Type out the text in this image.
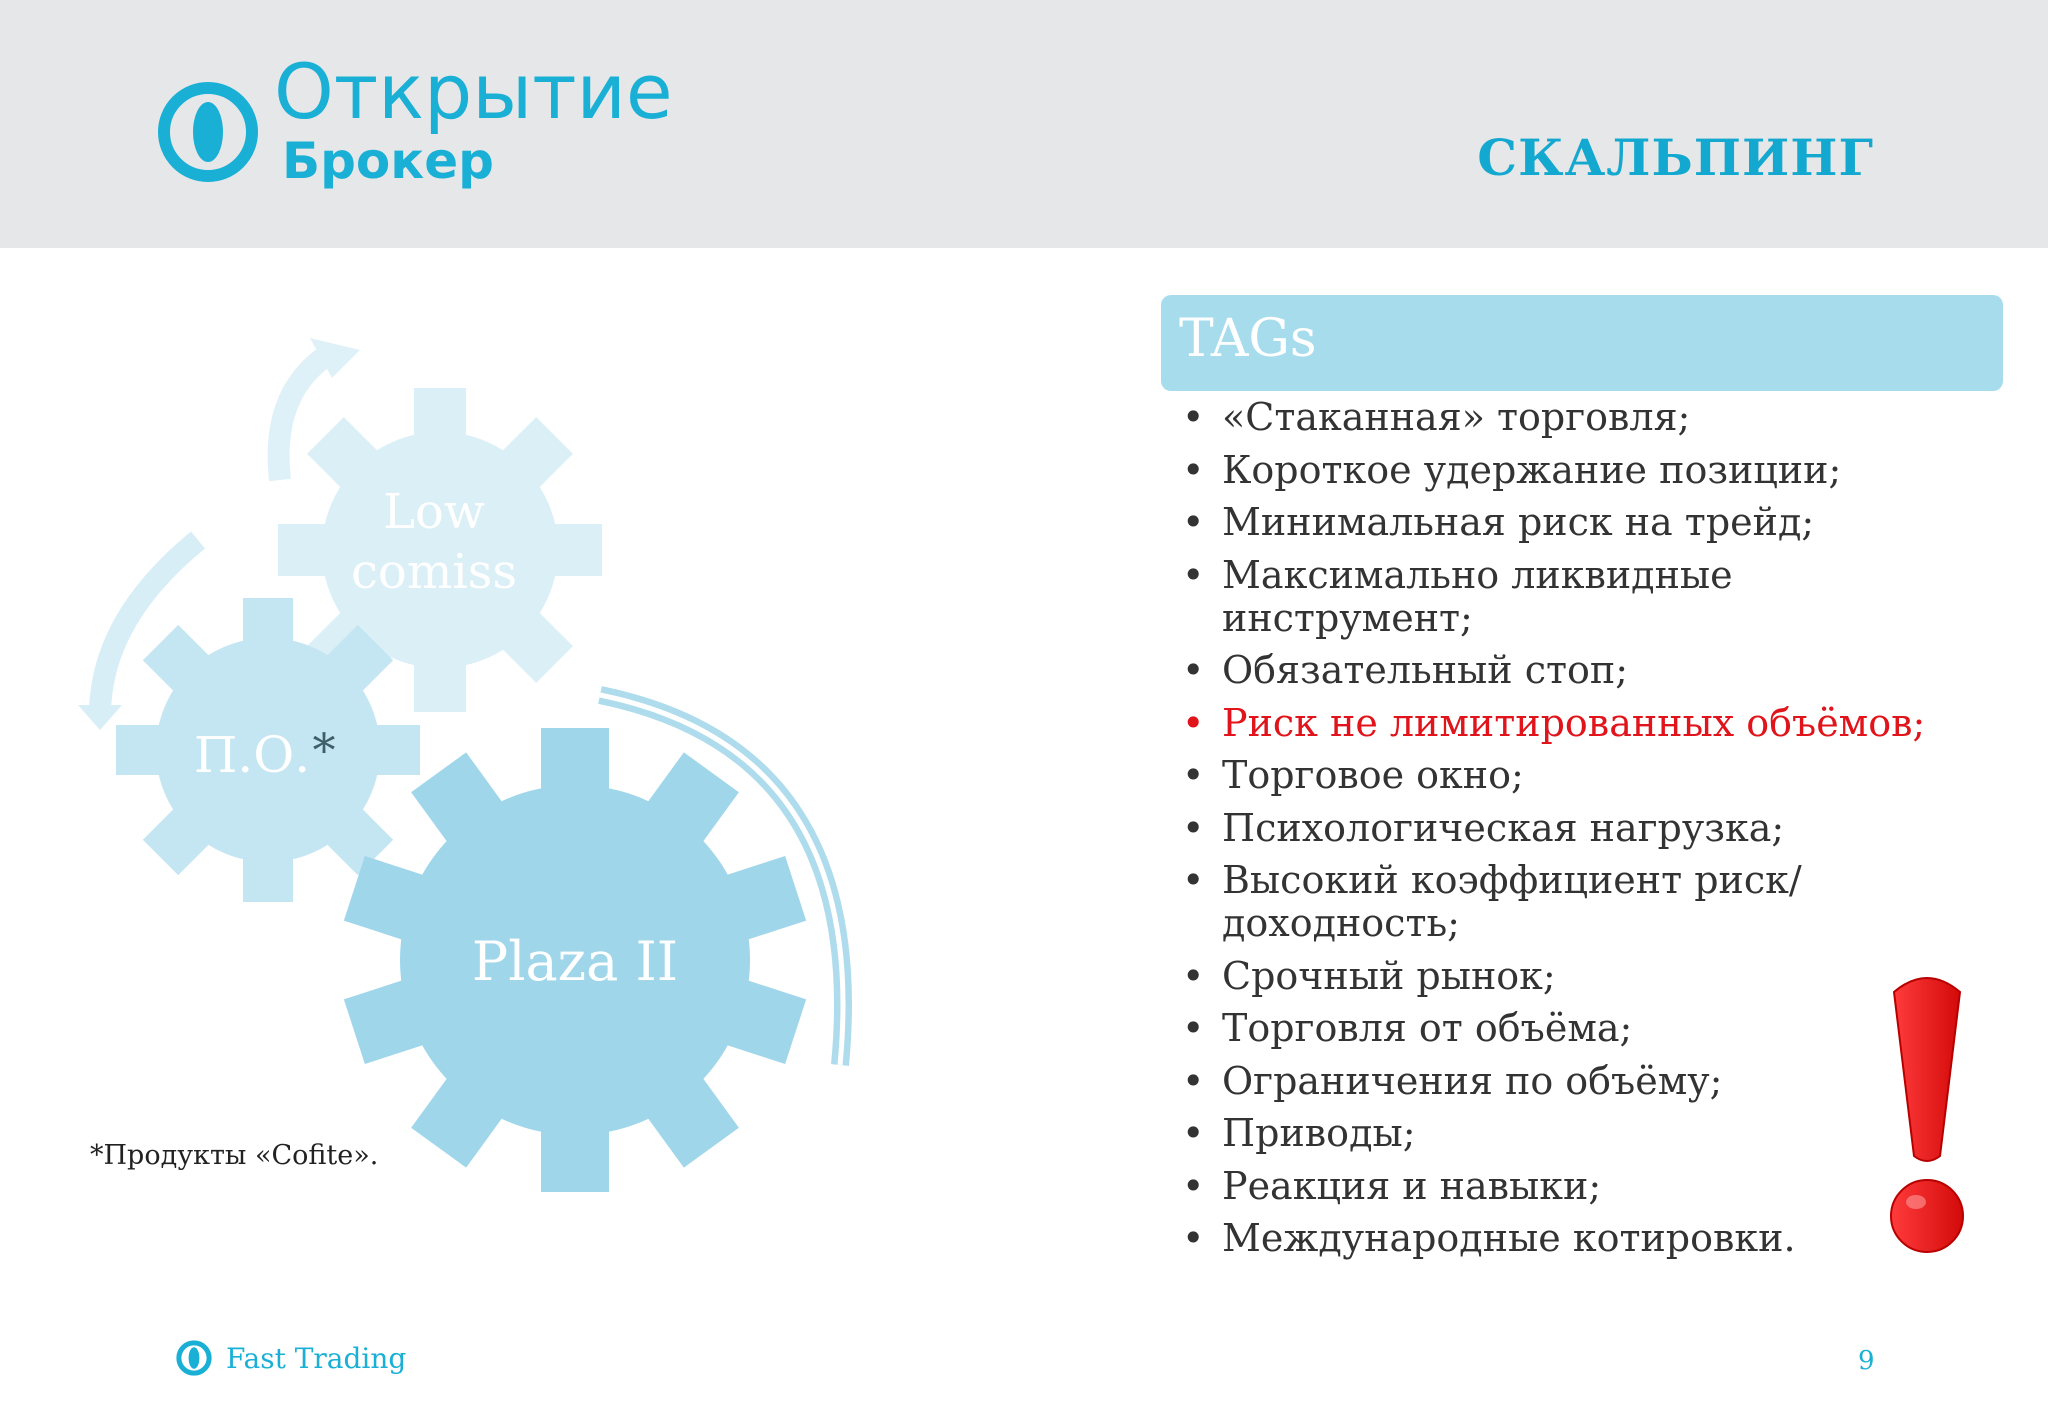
Открытие
Брокер	СКАЛЬПИНГ
Low
comiss
П.О. *
Plaza II
*Продукты «Cofite».
TAGs
• «Стаканная» торговля;
• Короткое удержание позиции;
• Минимальная риск на трейд;
• Максимально ликвидные инструмент;
• Обязательный стоп;
• Риск не лимитированных объёмов;
• Торговое окно;
• Психологическая нагрузка;
• Высокий коэффициент риск/доходность;
• Срочный рынок;
• Торговля от объёма;
• Ограничения по объёму;
• Приводы;
• Реакция и навыки;
• Международные котировки.
Fast Trading	9
